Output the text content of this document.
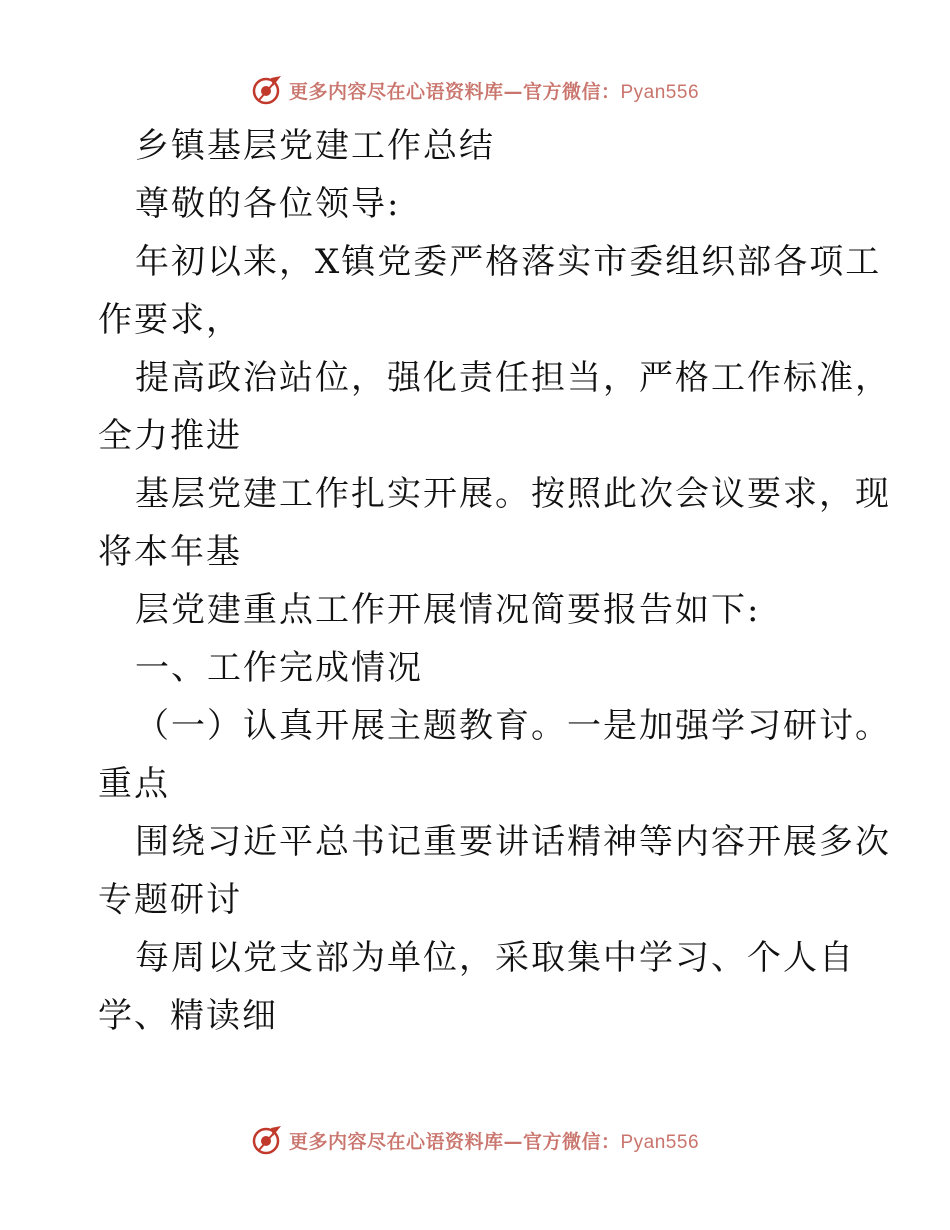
更多内容尽在心语资料库—官方微信：Pyan556

乡镇基层党建工作总结

尊敬的各位领导:

年初以来，X镇党委严格落实市委组织部各项工

作要求，

提高政治站位，强化责任担当，严格工作标准，

全力推进

基层党建工作扎实开展。按照此次会议要求，现

将本年基

层党建重点工作开展情况简要报告如下:

一、工作完成情况

（一）认真开展主题教育。一是加强学习研讨。

重点

围绕习近平总书记重要讲话精神等内容开展多次

专题研讨

每周以党支部为单位，采取集中学习、个人自

学、精读细

更多内容尽在心语资料库—官方微信：Pyan556
